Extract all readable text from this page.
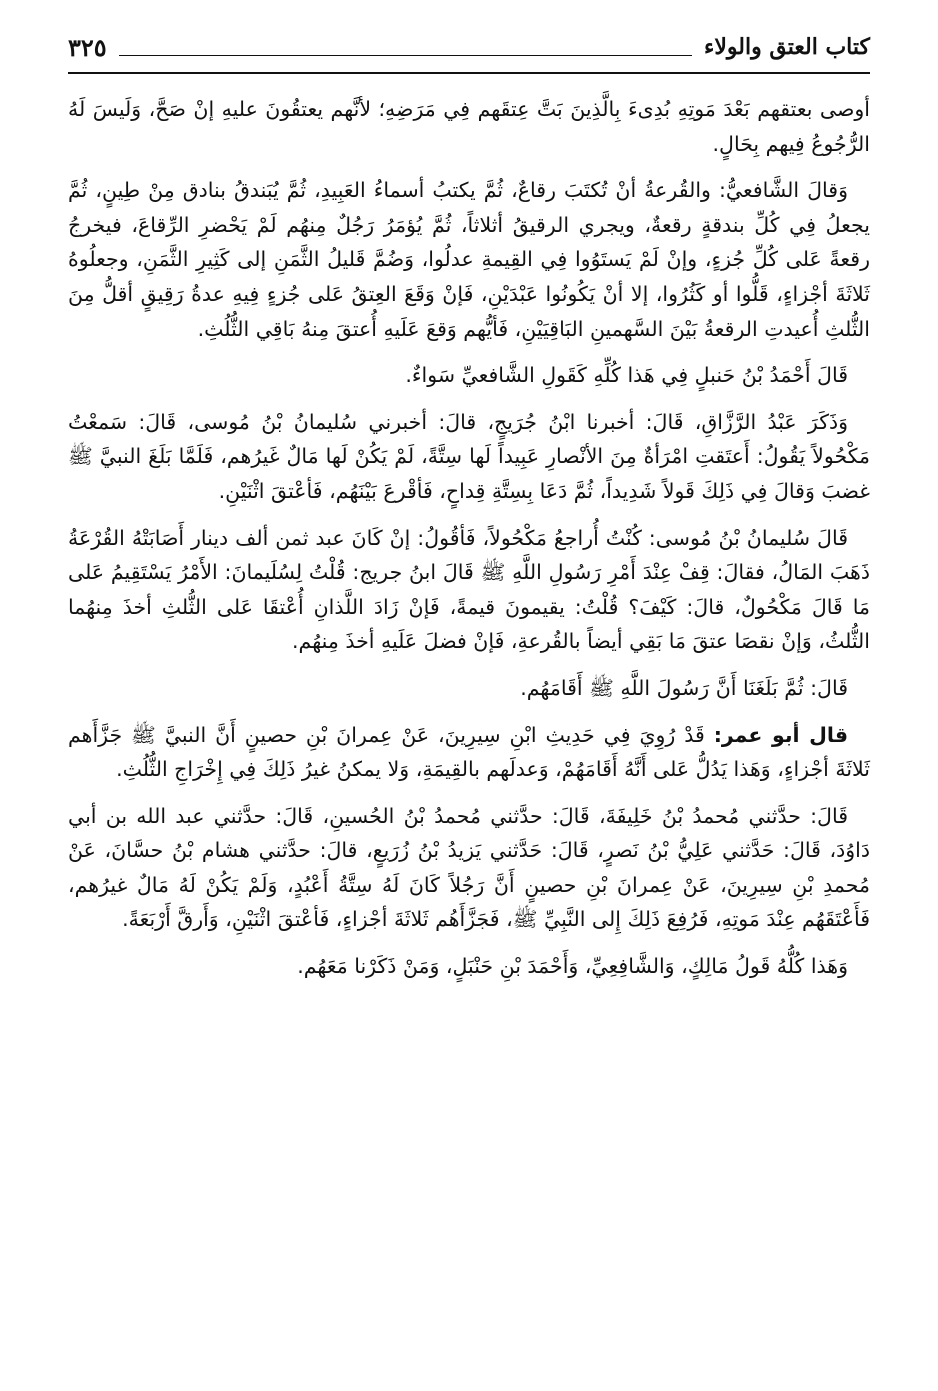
كتاب العتق والولاء
٣٢٥

أوصى بعتقهم بَعْدَ مَوتِهِ بُدِىءَ بِالَّذِينَ بَتَّ عِتقَهم فِي مَرَضِهِ؛ لأنَّهم يعتقُونَ عليهِ إنْ صَحَّ، وَلَيسَ لَهُ الرُّجُوعُ فِيهم بِحَالٍ.

وَقالَ الشَّافعيُّ: والقُرعةُ أنْ تُكتَبَ رقاعٌ، ثُمَّ يكتبُ أسماءُ العَبِيدِ، ثُمَّ يُبَندقُ بنادق مِنْ طِينٍ، ثُمَّ يجعلُ فِي كُلِّ بندقةٍ رقعةٌ، ويجري الرقيقُ أثلاثاً، ثُمَّ يُؤمَرُ رَجُلٌ مِنهُم لَمْ يَحْضرِ الرِّقاعَ، فيخرجُ رقعةً عَلى كُلِّ جُزءٍ، وإنْ لَمْ يَستَوُوا فِي القِيمةِ عدلُوا، وَضُمَّ قَليلُ الثَّمَنِ إلى كَثِيرِ الثَّمَنِ، وجعلُوهُ ثَلاثَةَ أجْزاءٍ، قَلُّوا أو كَثُرُوا، إلا أنْ يَكُونُوا عَبْدَيْنِ، فَإنْ وَقَعَ العِتقُ عَلى جُزءٍ فِيهِ عدةُ رَقِيقٍ أقلُّ مِنَ الثُّلثِ أُعيدتِ الرقعةُ بَيْنَ السَّهمينِ البَاقِيَيْنِ، فَأيُّهم وَقعَ عَلَيهِ أُعتقَ مِنهُ بَاقِي الثُّلُثِ.

قَالَ أَحْمَدُ بْنُ حَنبلٍ فِي هَذا كُلِّهِ كَقَولِ الشَّافعيِّ سَواءٌ.

وَذَكَرَ عَبْدُ الرَّزَّاقِ، قَالَ: أخبرنا ابْنُ جُرَيجٍ، قالَ: أخبرني سُليمانُ بْنُ مُوسى، قَالَ: سَمعْتُ مَكْحُولاً يَقُولُ: أَعتَقتِ امْرَأةٌ مِنَ الأنْصارِ عَبِيداً لَها سِتَّةً، لَمْ يَكُنْ لَها مَالٌ غَيرُهم، فَلَمَّا بَلَغَ النبيَّ ﷺ غضبَ وَقالَ فِي ذَلِكَ قَولاً شَدِيداً، ثُمَّ دَعَا بِسِتَّةِ قِداحٍ، فَأقْرعَ بَيْنَهُم، فَأعْتقَ اثْنَيْنِ.

قَالَ سُليمانُ بْنُ مُوسى: كُنْتُ أُراجعُ مَكْحُولاً، فَأقُولُ: إنْ كَانَ عبد ثمن ألف دينار أَصَابَتْهُ القُرْعَةُ ذَهَبَ المَالُ، فقالَ: قِفْ عِنْدَ أَمْرِ رَسُولِ اللَّهِ ﷺ قَالَ ابنُ جريج: قُلْتُ لِسُلَيمانَ: الأَمْرُ يَسْتَقِيمُ عَلى مَا قَالَ مَكْحُولٌ، قالَ: كَيْفَ؟ قُلْتُ: يقيمونَ قيمةً، فَإنْ زَادَ اللَّذانِ أُعْتقَا عَلى الثُّلثِ أخذَ مِنهُما الثُّلثُ، وَإنْ نقصَا عتقَ مَا بَقِي أيضاً بالقُرعةِ، فَإنْ فضلَ عَلَيهِ أخذَ مِنهُم.

قَالَ: ثُمَّ بَلَغَنَا أَنَّ رَسُولَ اللَّهِ ﷺ أَقَامَهُم.

قال أبو عمر: قَدْ رُوِيَ فِي حَدِيثِ ابْنِ سِيرِينَ، عَنْ عِمرانَ بْنِ حصينٍ أَنَّ النبيَّ ﷺ جَزَّأَهم ثَلاثَةَ أجْزاءٍ، وَهَذا يَدُلُّ عَلى أَنَّهُ أَقَامَهُمْ، وَعدلَهم بالقِيمَةِ، وَلا يمكنُ غيرُ ذَلِكَ فِي إِخْرَاجِ الثُّلُثِ.

قَالَ: حدَّثني مُحمدُ بْنُ خَلِيفَةَ، قَالَ: حدَّثني مُحمدُ بْنُ الحُسينِ، قَالَ: حدَّثني عبد الله بن أبي دَاوُدَ، قَالَ: حَدَّثني عَلِيُّ بْنُ نَصرٍ، قَالَ: حَدَّثني يَزيدُ بْنُ زُرَيعٍ، قالَ: حدَّثني هشام بْنُ حسَّانَ، عَنْ مُحمدِ بْنِ سِيرِينَ، عَنْ عِمرانَ بْنِ حصينٍ أَنَّ رَجُلاً كَانَ لَهُ سِتَّةُ أَعْبُدٍ، وَلَمْ يَكُنْ لَهُ مَالٌ غيرُهم، فَأَعْتَقَهُم عِنْدَ مَوتِهِ، فَرُفِعَ ذَلِكَ إِلى النَّبِيِّ ﷺ، فَجَزَّأَهُم ثَلاثَةَ أجْزاءٍ، فَأعْتقَ اثْنَيْنِ، وَأَرقَّ أَرْبَعَةً.

وَهَذا كُلُّهُ قَولُ مَالِكٍ، وَالشَّافِعِيِّ، وَأَحْمَدَ بْنِ حَنْبَلٍ، وَمَنْ ذَكَرْنا مَعَهُم.
